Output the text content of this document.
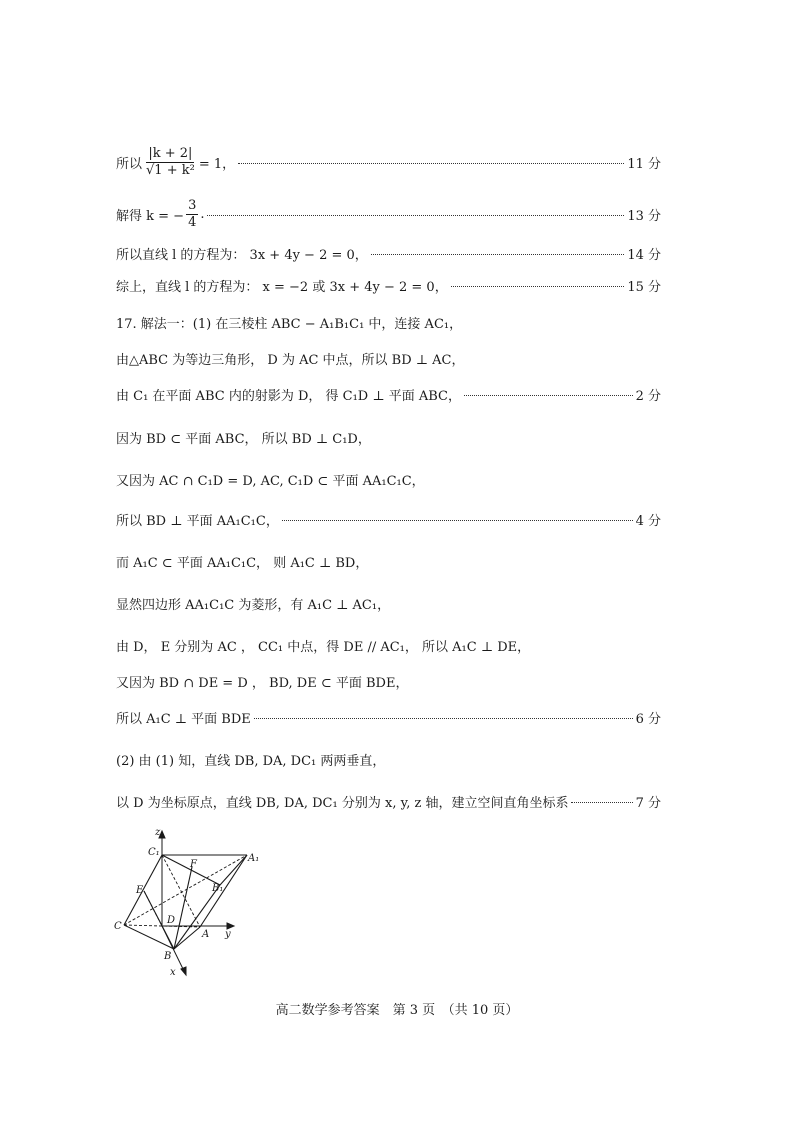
所以 $\frac{|k + 2|}{\text{√1 + k²}} = 1$，	11 分
解得 k = − $\frac{3}{4}$ .	13 分
所以直线 l 的方程为： 3x + 4y − 2 = 0，	14 分
综上，直线 l 的方程为： x = −2 或 3x + 4y − 2 = 0，	15 分
17. 解法一：(1) 在三棱柱 ABC − A₁B₁C₁ 中，连接 AC₁，
由△ABC 为等边三角形， D 为 AC 中点，所以 BD ⊥ AC，
由 C₁ 在平面 ABC 内的射影为 D， 得 C₁D ⊥ 平面 ABC，	2 分
因为 BD ⊂ 平面 ABC， 所以 BD ⊥ C₁D，
又因为 AC ∩ C₁D = D, AC, C₁D ⊂ 平面 AA₁C₁C，
所以 BD ⊥ 平面 AA₁C₁C，	4 分
而 A₁C ⊂ 平面 AA₁C₁C， 则 A₁C ⊥ BD，
显然四边形 AA₁C₁C 为菱形，有 A₁C ⊥ AC₁，
由 D， E 分别为 AC ， CC₁ 中点，得 DE // AC₁， 所以 A₁C ⊥ DE，
又因为 BD ∩ DE = D ， BD, DE ⊂ 平面 BDE，
所以 A₁C ⊥ 平面 BDE	6 分
(2) 由 (1) 知，直线 DB, DA, DC₁ 两两垂直，
以 D 为坐标原点，直线 DB, DA, DC₁ 分别为 x, y, z 轴，建立空间直角坐标系	7 分
z
C₁
F
A₁
E	B₁
D
C
A y
B
x
高二数学参考答案　第 3 页　（共 10 页）
